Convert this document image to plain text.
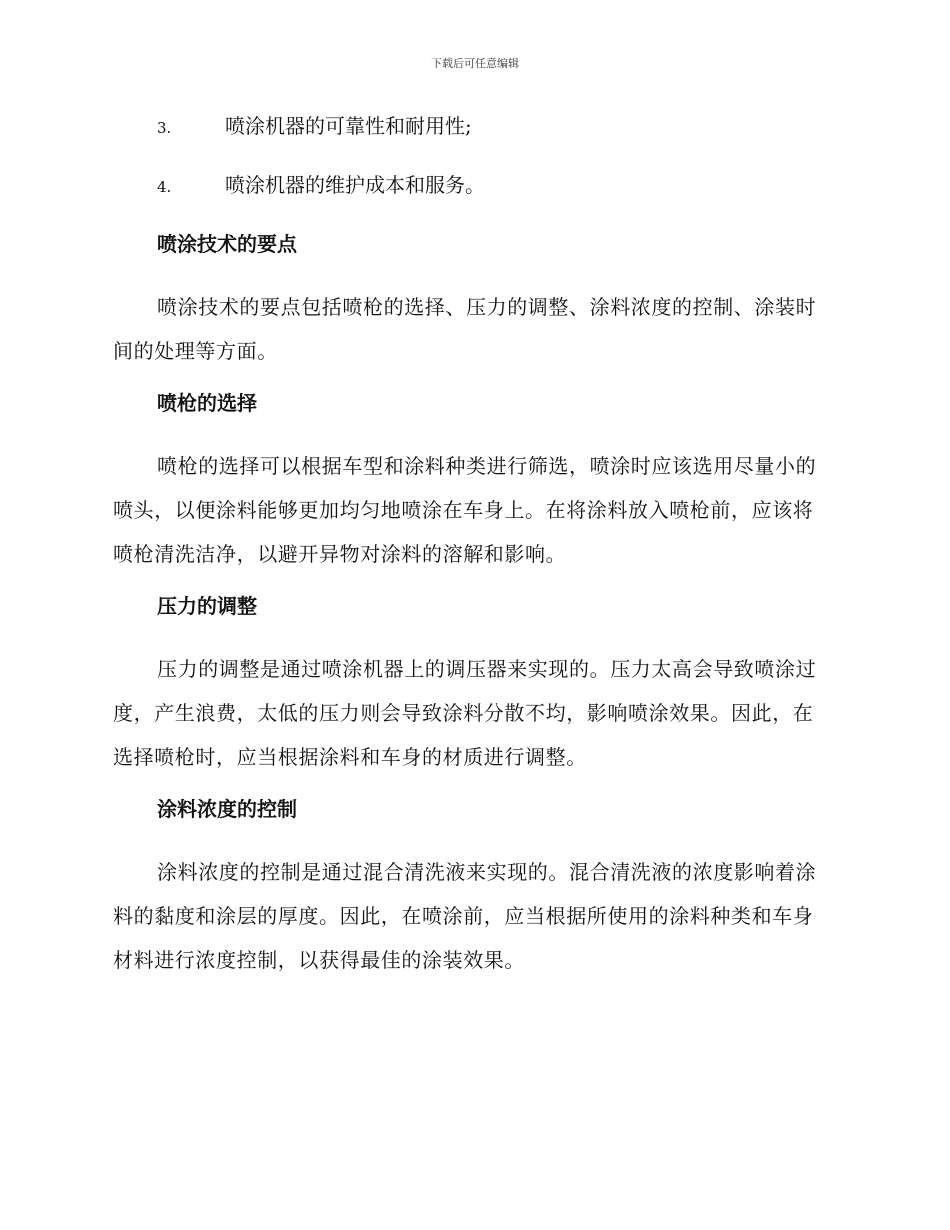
下载后可任意编辑
3.	喷涂机器的可靠性和耐用性;
4.	喷涂机器的维护成本和服务。
喷涂技术的要点

喷涂技术的要点包括喷枪的选择、压力的调整、涂料浓度的控制、涂装时间的处理等方面。

喷枪的选择

喷枪的选择可以根据车型和涂料种类进行筛选，喷涂时应该选用尽量小的喷头，以便涂料能够更加均匀地喷涂在车身上。在将涂料放入喷枪前，应该将喷枪清洗洁净，以避开异物对涂料的溶解和影响。

压力的调整

压力的调整是通过喷涂机器上的调压器来实现的。压力太高会导致喷涂过度，产生浪费，太低的压力则会导致涂料分散不均，影响喷涂效果。因此，在选择喷枪时，应当根据涂料和车身的材质进行调整。

涂料浓度的控制

涂料浓度的控制是通过混合清洗液来实现的。混合清洗液的浓度影响着涂料的黏度和涂层的厚度。因此，在喷涂前，应当根据所使用的涂料种类和车身材料进行浓度控制，以获得最佳的涂装效果。
